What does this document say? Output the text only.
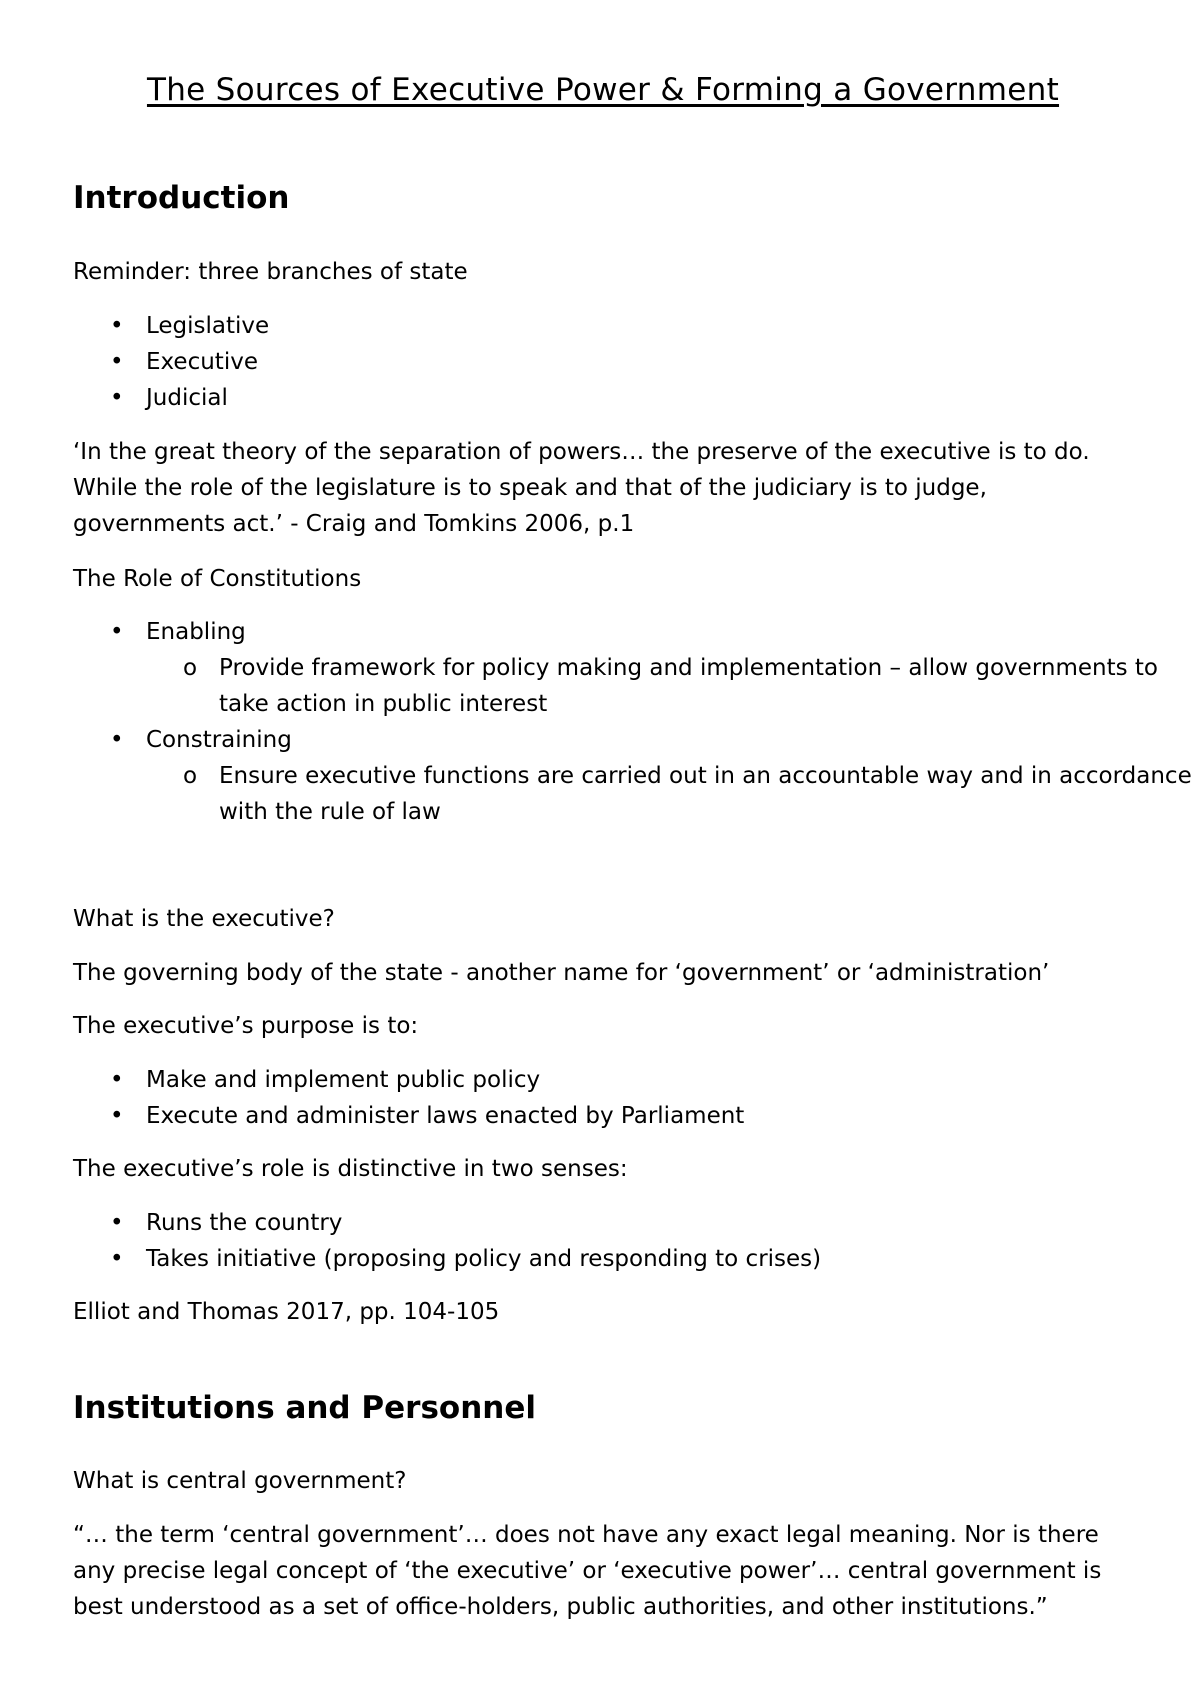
The Sources of Executive Power & Forming a Government
Introduction
Reminder: three branches of state
• Legislative
• Executive
• Judicial
‘In the great theory of the separation of powers… the preserve of the executive is to do. While the role of the legislature is to speak and that of the judiciary is to judge, governments act.’ - Craig and Tomkins 2006, p.1
The Role of Constitutions
• Enabling
o Provide framework for policy making and implementation – allow governments to take action in public interest
• Constraining
o Ensure executive functions are carried out in an accountable way and in accordance with the rule of law
What is the executive?
The governing body of the state - another name for ‘government’ or ‘administration’
The executive’s purpose is to:
• Make and implement public policy
• Execute and administer laws enacted by Parliament
The executive’s role is distinctive in two senses:
• Runs the country
• Takes initiative (proposing policy and responding to crises)
Elliot and Thomas 2017, pp. 104-105
Institutions and Personnel
What is central government?
“… the term ‘central government’… does not have any exact legal meaning. Nor is there any precise legal concept of ‘the executive’ or ‘executive power’… central government is best understood as a set of office-holders, public authorities, and other institutions.”
